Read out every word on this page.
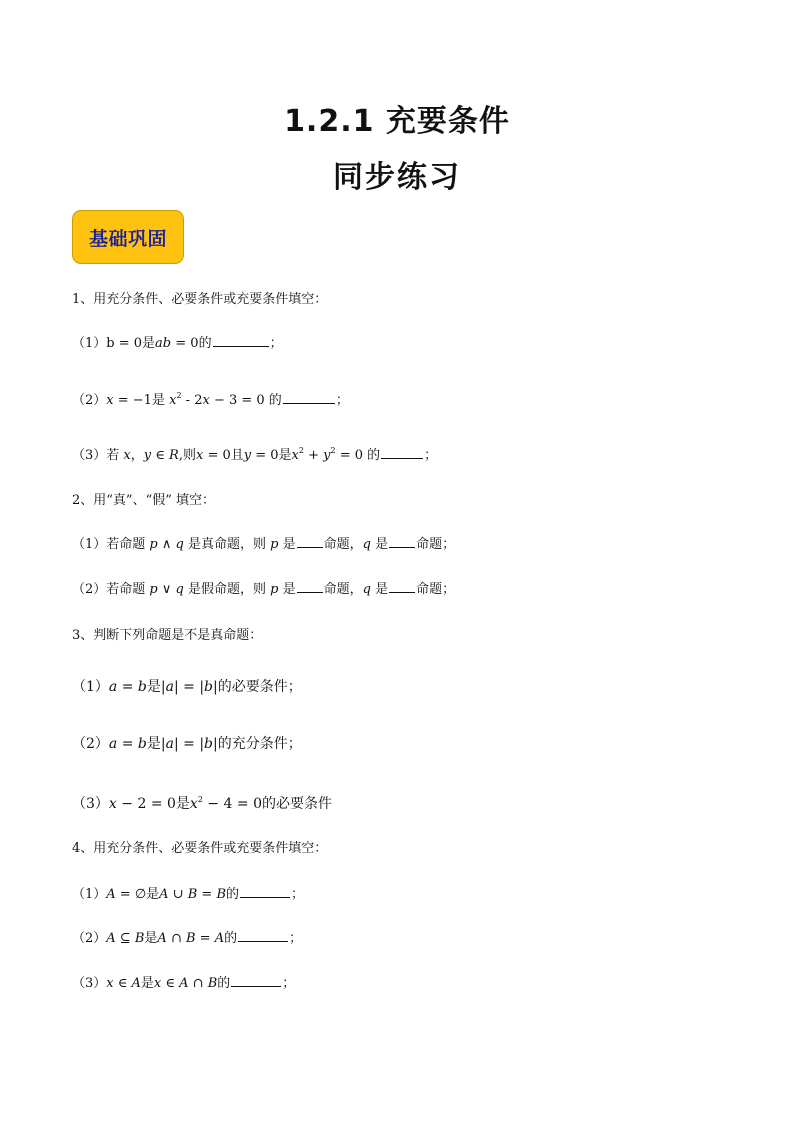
1.2.1 充要条件
同步练习
基础巩固
1、用充分条件、必要条件或充要条件填空：
（1）b = 0是ab = 0的	；
（2）x = −1是 $x^2 - 2x - 3 = 0$ 的	；
（3）若 x，y ∈ R,则x = 0且y = 0是$x^2 + y^2 = 0$ 的	；
2、用“真”、“假” 填空：
（1）若命题 p ∧ q 是真命题，则 p 是 命题，q 是 命题；
（2）若命题 p ∨ q 是假命题，则 p 是 命题，q 是 命题；
3、判断下列命题是不是真命题：
（1）a = b是|a| = |b|的必要条件；
（2）a = b是|a| = |b|的充分条件；
（3）x − 2 = 0是$x^2 - 4 = 0$的必要条件
4、用充分条件、必要条件或充要条件填空：
（1）A = ∅是A ∪ B = B的	；
（2）A ⊆ B是A ∩ B = A的	；
（3）x ∈ A是x ∈ A ∩ B的	；
